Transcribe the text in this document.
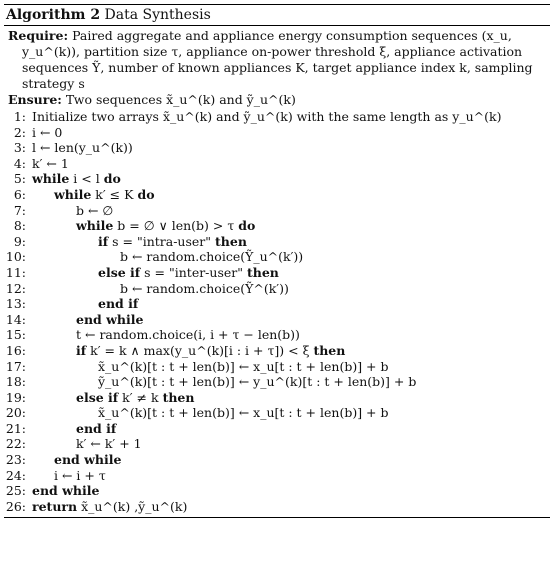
Algorithm 2 Data Synthesis
Require: Paired aggregate and appliance energy consumption sequences (x_u, y_u^(k)), partition size τ, appliance on-power threshold ξ, appliance activation sequences Ỹ, number of known appliances K, target appliance index k, sampling strategy s
Ensure: Two sequences x̃_u^(k) and ỹ_u^(k)
1: Initialize two arrays x̃_u^(k) and ỹ_u^(k) with the same length as y_u^(k)
2: i ← 0
3: l ← len(y_u^(k))
4: k′ ← 1
5: while i < l do
6: while k′ ≤ K do
7:	b ← ∅
8:	while b = ∅ ∨ len(b) > τ do
9:	if s = "intra-user" then
10:	b ← random.choice(Ỹ_u^(k′))
11:	else if s = "inter-user" then
12:	b ← random.choice(Ỹ^(k′))
13:	end if
14:	end while
15:	t ← random.choice(i, i + τ − len(b))
16:	if k′ = k ∧ max(y_u^(k)[i : i + τ]) < ξ then
17:	x̃_u^(k)[t : t + len(b)] ← x_u[t : t + len(b)] + b
18:	ỹ_u^(k)[t : t + len(b)] ← y_u^(k)[t : t + len(b)] + b
19:	else if k′ ≠ k then
20:	x̃_u^(k)[t : t + len(b)] ← x_u[t : t + len(b)] + b
21:	end if
22:	k′ ← k′ + 1
23: end while
24: i ← i + τ
25: end while
26: return x̃_u^(k) ,ỹ_u^(k)
